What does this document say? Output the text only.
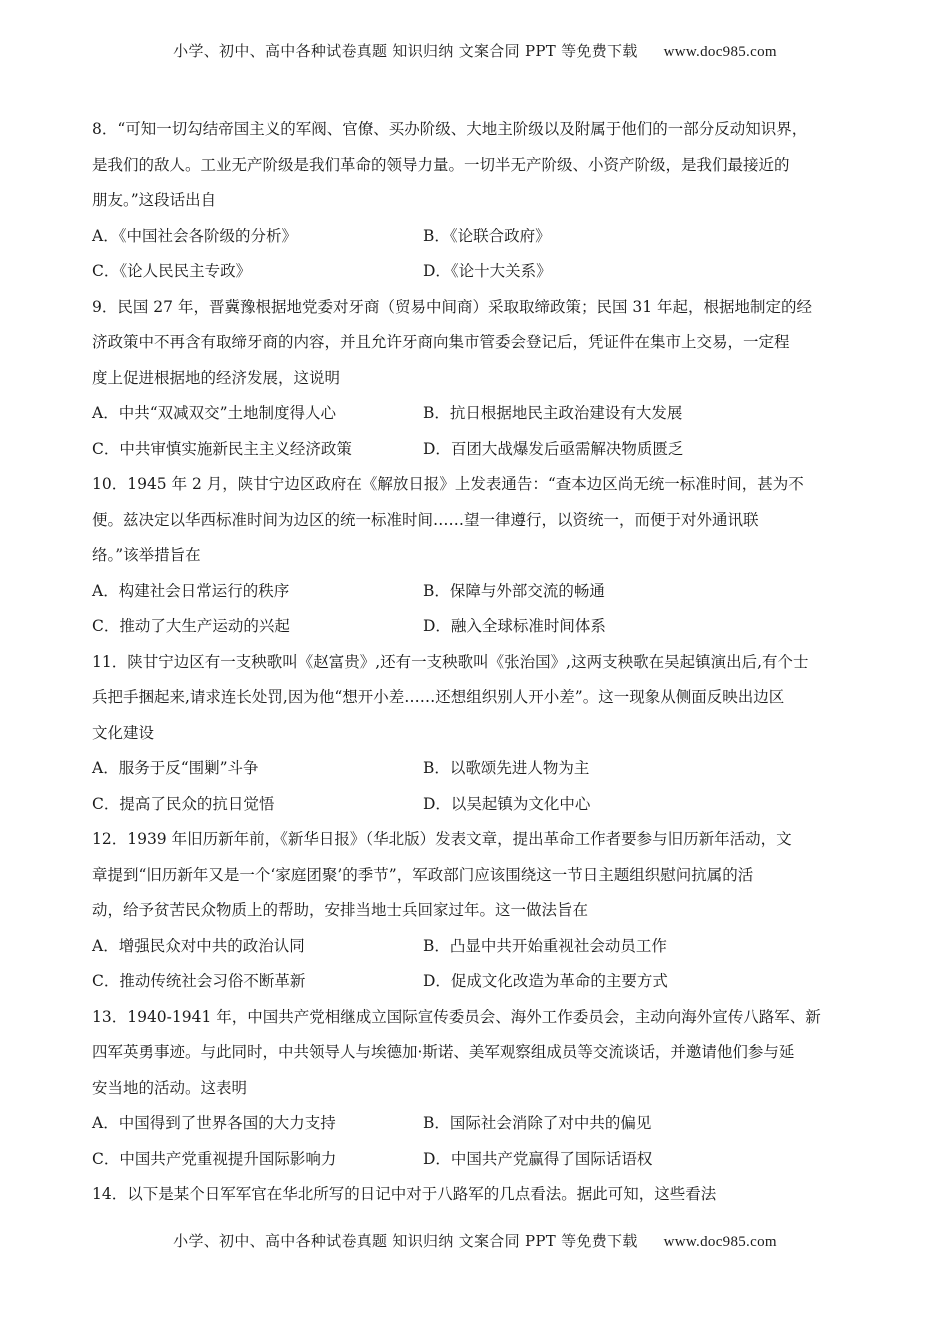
小学、初中、高中各种试卷真题 知识归纳 文案合同 PPT 等免费下载 www.doc985.com
8．“可知一切勾结帝国主义的军阀、官僚、买办阶级、大地主阶级以及附属于他们的一部分反动知识界，
是我们的敌人。工业无产阶级是我们革命的领导力量。一切半无产阶级、小资产阶级，是我们最接近的
朋友。”这段话出自
A．《中国社会各阶级的分析》	B．《论联合政府》
C．《论人民民主专政》	D．《论十大关系》
9．民国 27 年，晋冀豫根据地党委对牙商（贸易中间商）采取取缔政策；民国 31 年起，根据地制定的经
济政策中不再含有取缔牙商的内容，并且允许牙商向集市管委会登记后，凭证件在集市上交易，一定程
度上促进根据地的经济发展，这说明
A．中共“双减双交”土地制度得人心	B．抗日根据地民主政治建设有大发展
C．中共审慎实施新民主主义经济政策	D．百团大战爆发后亟需解决物质匮乏
10．1945 年 2 月，陕甘宁边区政府在《解放日报》上发表通告：“查本边区尚无统一标准时间，甚为不
便。兹决定以华西标准时间为边区的统一标准时间……望一律遵行，以资统一，而便于对外通讯联
络。”该举措旨在
A．构建社会日常运行的秩序	B．保障与外部交流的畅通
C．推动了大生产运动的兴起	D．融入全球标准时间体系
11．陕甘宁边区有一支秧歌叫《赵富贵》,还有一支秧歌叫《张治国》,这两支秧歌在吴起镇演出后,有个士
兵把手捆起来,请求连长处罚,因为他“想开小差……还想组织别人开小差”。这一现象从侧面反映出边区
文化建设
A．服务于反“围剿”斗争	B．以歌颂先进人物为主
C．提高了民众的抗日觉悟	D．以吴起镇为文化中心
12．1939 年旧历新年前，《新华日报》（华北版）发表文章，提出革命工作者要参与旧历新年活动，文
章提到“旧历新年又是一个‘家庭团聚’的季节”，军政部门应该围绕这一节日主题组织慰问抗属的活
动，给予贫苦民众物质上的帮助，安排当地士兵回家过年。这一做法旨在
A．增强民众对中共的政治认同	B．凸显中共开始重视社会动员工作
C．推动传统社会习俗不断革新	D．促成文化改造为革命的主要方式
13．1940-1941 年，中国共产党相继成立国际宣传委员会、海外工作委员会，主动向海外宣传八路军、新
四军英勇事迹。与此同时，中共领导人与埃德加·斯诺、美军观察组成员等交流谈话，并邀请他们参与延
安当地的活动。这表明
A．中国得到了世界各国的大力支持	B．国际社会消除了对中共的偏见
C．中国共产党重视提升国际影响力	D．中国共产党赢得了国际话语权
14．以下是某个日军军官在华北所写的日记中对于八路军的几点看法。据此可知，这些看法
小学、初中、高中各种试卷真题 知识归纳 文案合同 PPT 等免费下载 www.doc985.com
